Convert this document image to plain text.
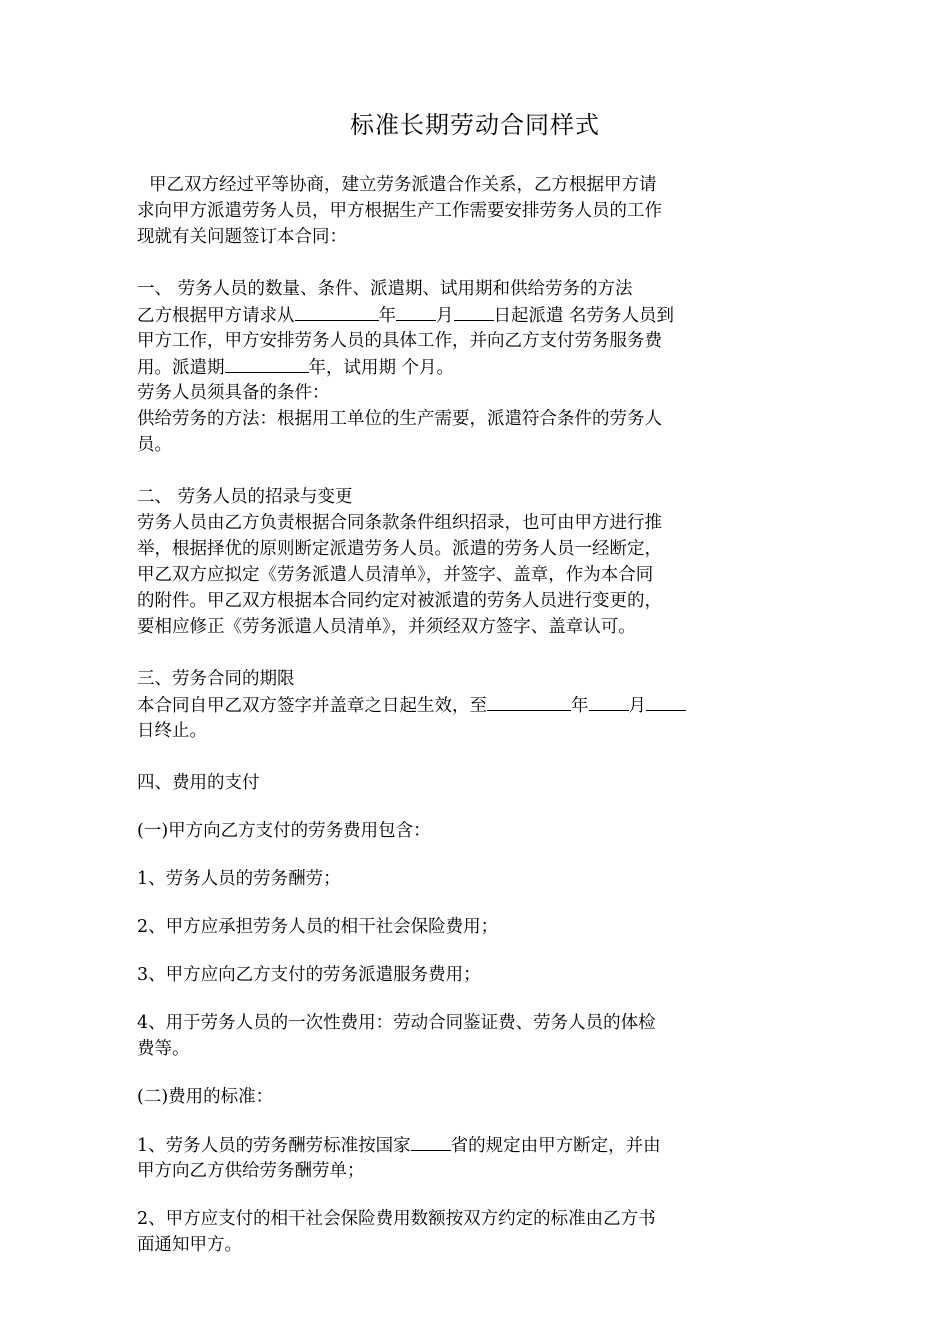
标准长期劳动合同样式
甲乙双方经过平等协商，建立劳务派遣合作关系，乙方根据甲方请
求向甲方派遣劳务人员，甲方根据生产工作需要安排劳务人员的工作
现就有关问题签订本合同：
一、 劳务人员的数量、条件、派遣期、试用期和供给劳务的方法
乙方根据甲方请求从	年 月 日起派遣 名劳务人员到
甲方工作，甲方安排劳务人员的具体工作，并向乙方支付劳务服务费
用。派遣期	年，试用期 个月。
劳务人员须具备的条件：
供给劳务的方法：根据用工单位的生产需要，派遣符合条件的劳务人
员。
二、 劳务人员的招录与变更
劳务人员由乙方负责根据合同条款条件组织招录，也可由甲方进行推
举，根据择优的原则断定派遣劳务人员。派遣的劳务人员一经断定，
甲乙双方应拟定《劳务派遣人员清单》，并签字、盖章，作为本合同
的附件。甲乙双方根据本合同约定对被派遣的劳务人员进行变更的，
要相应修正《劳务派遣人员清单》，并须经双方签字、盖章认可。
三、劳务合同的期限
本合同自甲乙双方签字并盖章之日起生效，至	年 月
日终止。
四、费用的支付
(一)甲方向乙方支付的劳务费用包含：
1、劳务人员的劳务酬劳；
2、甲方应承担劳务人员的相干社会保险费用；
3、甲方应向乙方支付的劳务派遣服务费用；
4、用于劳务人员的一次性费用：劳动合同鉴证费、劳务人员的体检
费等。
(二)费用的标准：
1、劳务人员的劳务酬劳标准按国家 省的规定由甲方断定，并由
甲方向乙方供给劳务酬劳单；
2、甲方应支付的相干社会保险费用数额按双方约定的标准由乙方书
面通知甲方。
